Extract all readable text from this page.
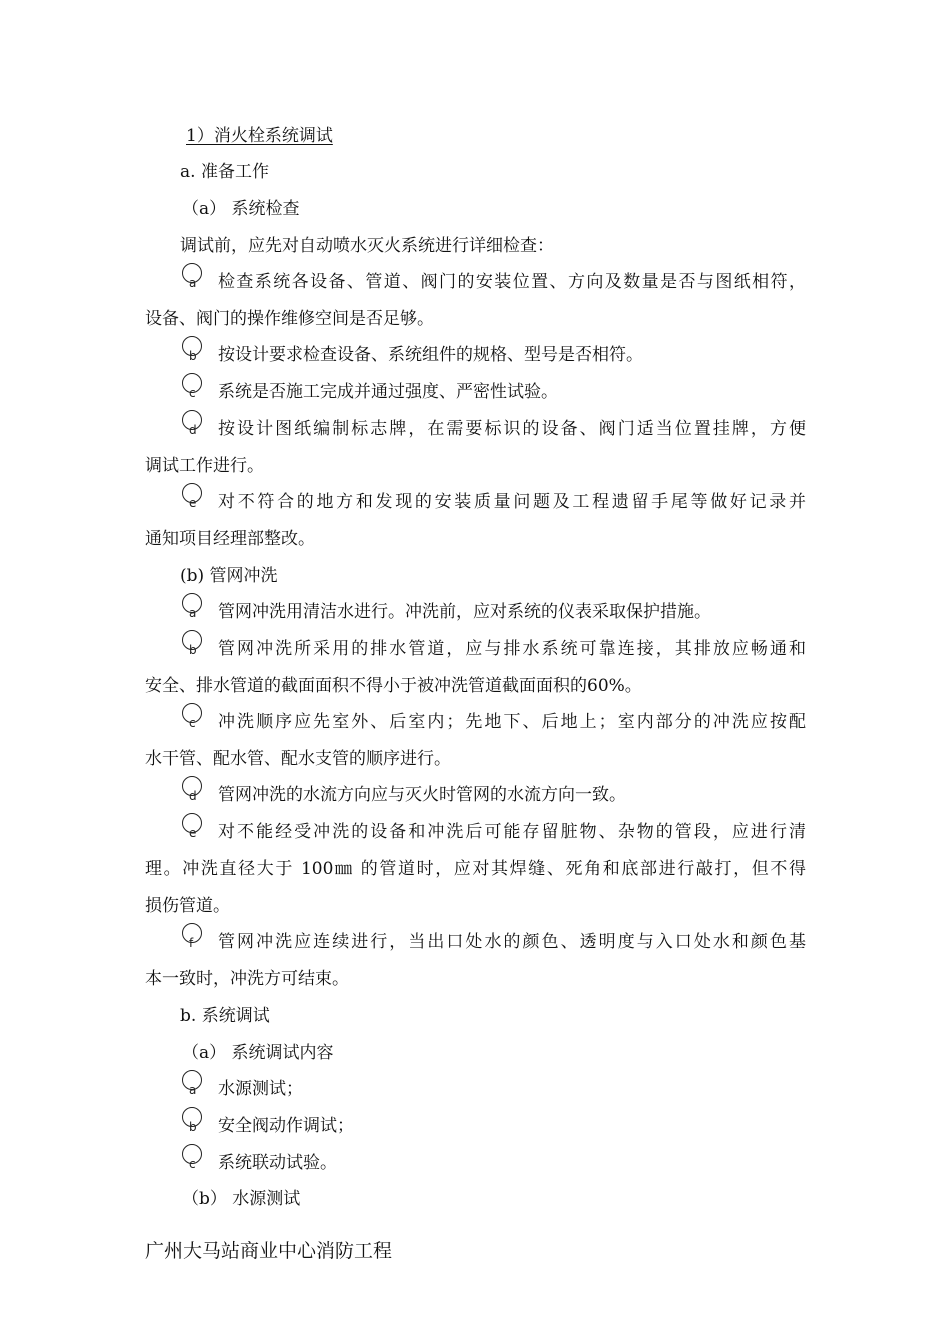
1）消火栓系统调试
a. 准备工作
（a） 系统检查
调试前，应先对自动喷水灭火系统进行详细检查：
a 检查系统各设备、管道、阀门的安装位置、方向及数量是否与图纸相符，
设备、阀门的操作维修空间是否足够。
b 按设计要求检查设备、系统组件的规格、型号是否相符。
c 系统是否施工完成并通过强度、严密性试验。
d 按设计图纸编制标志牌，在需要标识的设备、阀门适当位置挂牌，方便
调试工作进行。
e 对不符合的地方和发现的安装质量问题及工程遗留手尾等做好记录并
通知项目经理部整改。
(b) 管网冲洗
a 管网冲洗用清洁水进行。冲洗前，应对系统的仪表采取保护措施。
b 管网冲洗所采用的排水管道，应与排水系统可靠连接，其排放应畅通和
安全、排水管道的截面面积不得小于被冲洗管道截面面积的60%。
c 冲洗顺序应先室外、后室内；先地下、后地上；室内部分的冲洗应按配
水干管、配水管、配水支管的顺序进行。
d 管网冲洗的水流方向应与灭火时管网的水流方向一致。
e 对不能经受冲洗的设备和冲洗后可能存留脏物、杂物的管段，应进行清
理。冲洗直径大于 100㎜ 的管道时，应对其焊缝、死角和底部进行敲打，但不得
损伤管道。
f 管网冲洗应连续进行，当出口处水的颜色、透明度与入口处水和颜色基
本一致时，冲洗方可结束。
b. 系统调试
（a） 系统调试内容
a 水源测试；
b 安全阀动作调试；
c 系统联动试验。
（b） 水源测试
广州大马站商业中心消防工程
